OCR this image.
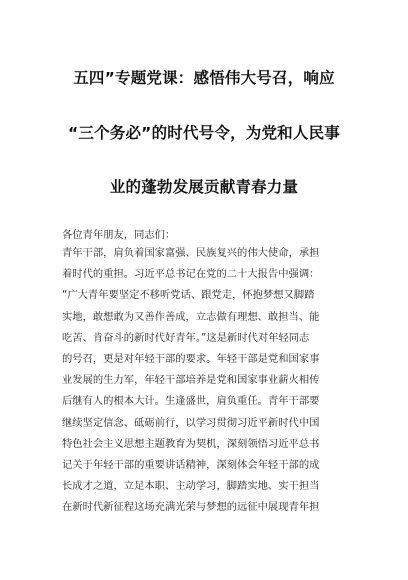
五四”专题党课：感悟伟大号召，响应
“三个务必”的时代号令，为党和人民事
业的蓬勃发展贡献青春力量
各位青年朋友，同志们：
青年干部，肩负着国家富强、民族复兴的伟大使命，承担
着时代的重担。习近平总书记在党的二十大报告中强调：
“广大青年要坚定不移听党话、跟党走，怀抱梦想又脚踏
实地，敢想敢为又善作善成，立志做有理想、敢担当、能
吃苦、肯奋斗的新时代好青年。”这是新时代对年轻同志
的号召，更是对年轻干部的要求。年轻干部是党和国家事
业发展的生力军，年轻干部培养是党和国家事业薪火相传
后继有人的根本大计。生逢盛世，肩负重任。青年干部要
继续坚定信念、砥砺前行，以学习贯彻习近平新时代中国
特色社会主义思想主题教育为契机，深刻领悟习近平总书
记关于年轻干部的重要讲话精神，深刻体会年轻干部的成
长成才之道，立足本职、主动学习，脚踏实地、实干担当
在新时代新征程这场充满光荣与梦想的远征中展现青年担
